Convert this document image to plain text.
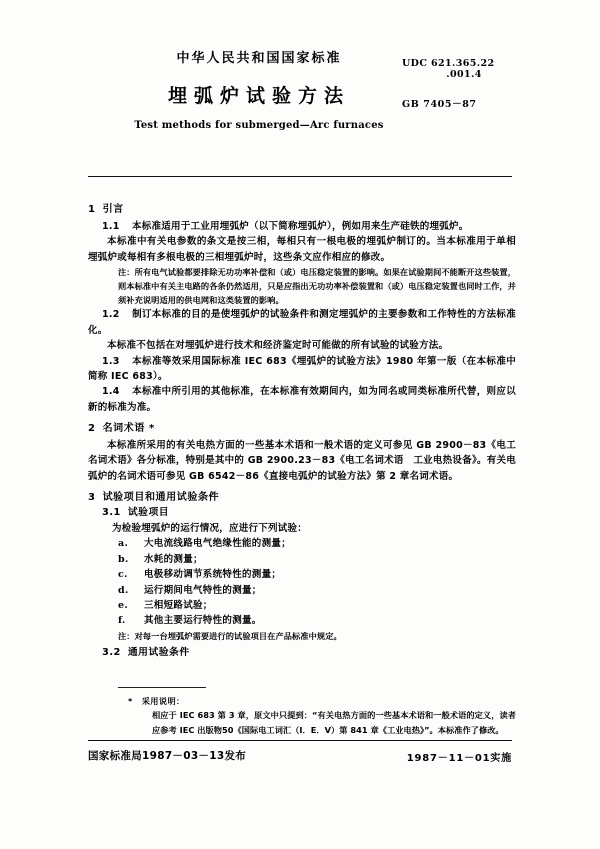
中华人民共和国国家标准
埋弧炉试验方法
Test methods for submerged—Arc furnaces
UDC 621.365.22
.001.4
GB 7405－87
1 引言
1.1 本标准适用于工业用埋弧炉（以下简称埋弧炉），例如用来生产硅铁的埋弧炉。
本标准中有关电参数的条文是按三相，每相只有一根电极的埋弧炉制订的。当本标准用于单相埋弧炉或每相有多根电极的三相埋弧炉时，这些条文应作相应的修改。
注：所有电气试验都要排除无功功率补偿和（或）电压稳定装置的影响。如果在试验期间不能断开这些装置，则本标准中有关主电路的各条仍然适用，只是应指出无功功率补偿装置和（或）电压稳定装置也同时工作，并须补充说明适用的供电网和这类装置的影响。
1.2 制订本标准的目的是使埋弧炉的试验条件和测定埋弧炉的主要参数和工作特性的方法标准化。
本标准不包括在对埋弧炉进行技术和经济鉴定时可能做的所有试验的试验方法。
1.3 本标准等效采用国际标准 IEC 683《埋弧炉的试验方法》1980 年第一版（在本标准中简称 IEC 683）。
1.4 本标准中所引用的其他标准，在本标准有效期间内，如为同名或同类标准所代替，则应以新的标准为准。
2 名词术语 *
本标准所采用的有关电热方面的一些基本术语和一般术语的定义可参见 GB 2900－83《电工名词术语》各分标准，特别是其中的 GB 2900.23－83《电工名词术语　工业电热设备》。有关电弧炉的名词术语可参见 GB 6542－86《直接电弧炉的试验方法》第 2 章名词术语。
3 试验项目和通用试验条件
3.1 试验项目
为检验埋弧炉的运行情况，应进行下列试验：
a. 大电流线路电气绝缘性能的测量；
b. 水耗的测量；
c. 电极移动调节系统特性的测量；
d. 运行期间电气特性的测量；
e. 三相短路试验；
f. 其他主要运行特性的测量。
注：对每一台埋弧炉需要进行的试验项目在产品标准中规定。
3.2 通用试验条件
* 采用说明：
相应于 IEC 683 第 3 章，原文中只提到：“有关电热方面的一些基本术语和一般术语的定义，读者应参考 IEC 出版物50《国际电工词汇（I．E．V）第 841 章《工业电热》”。本标准作了修改。
国家标准局1987－03－13发布	1987－11－01实施
